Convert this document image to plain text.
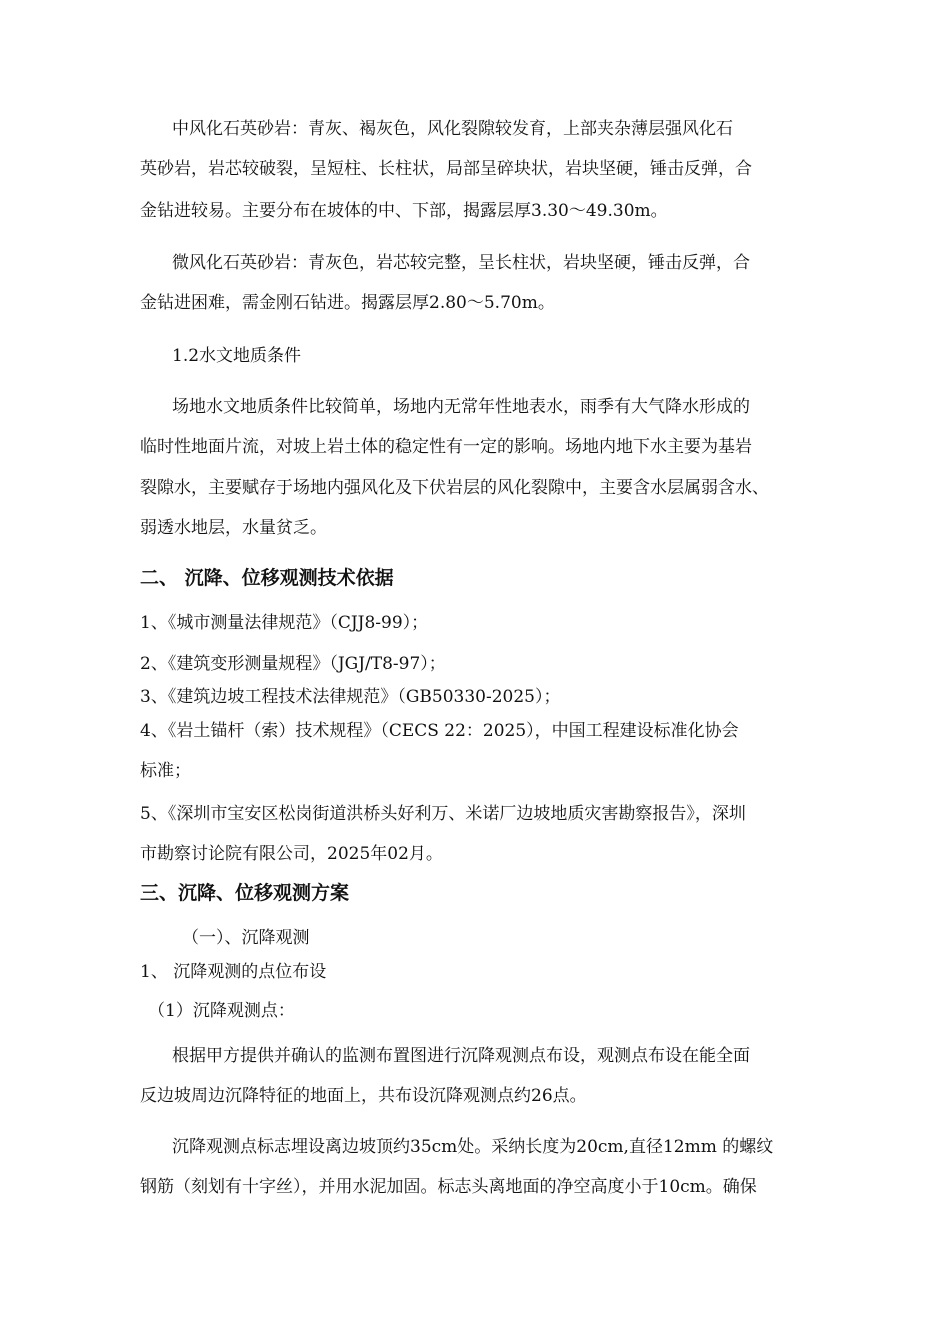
中风化石英砂岩：青灰、褐灰色，风化裂隙较发育，上部夹杂薄层强风化石
英砂岩，岩芯较破裂，呈短柱、长柱状，局部呈碎块状，岩块坚硬，锤击反弹，合
金钻进较易。主要分布在坡体的中、下部，揭露层厚3.30～49.30m。
微风化石英砂岩：青灰色，岩芯较完整，呈长柱状，岩块坚硬，锤击反弹，合
金钻进困难，需金刚石钻进。揭露层厚2.80～5.70m。
1.2水文地质条件
场地水文地质条件比较简单，场地内无常年性地表水，雨季有大气降水形成的
临时性地面片流，对坡上岩土体的稳定性有一定的影响。场地内地下水主要为基岩
裂隙水，主要赋存于场地内强风化及下伏岩层的风化裂隙中，主要含水层属弱含水、
弱透水地层，水量贫乏。
二、 沉降、位移观测技术依据
1、《城市测量法律规范》（CJJ8-99）；
2、《建筑变形测量规程》（JGJ/T8-97）；
3、《建筑边坡工程技术法律规范》（GB50330-2025）；
4、《岩土锚杆（索）技术规程》（CECS 22：2025），中国工程建设标准化协会
标准；
5、《深圳市宝安区松岗街道洪桥头好利万、米诺厂边坡地质灾害勘察报告》，深圳
市勘察讨论院有限公司，2025年02月。
三、沉降、位移观测方案
（一）、沉降观测
1、 沉降观测的点位布设
（1）沉降观测点：
根据甲方提供并确认的监测布置图进行沉降观测点布设，观测点布设在能全面
反边坡周边沉降特征的地面上，共布设沉降观测点约26点。
沉降观测点标志埋设离边坡顶约35cm处。采纳长度为20cm,直径12mm 的螺纹
钢筋（刻划有十字丝），并用水泥加固。标志头离地面的净空高度小于10cm。确保
